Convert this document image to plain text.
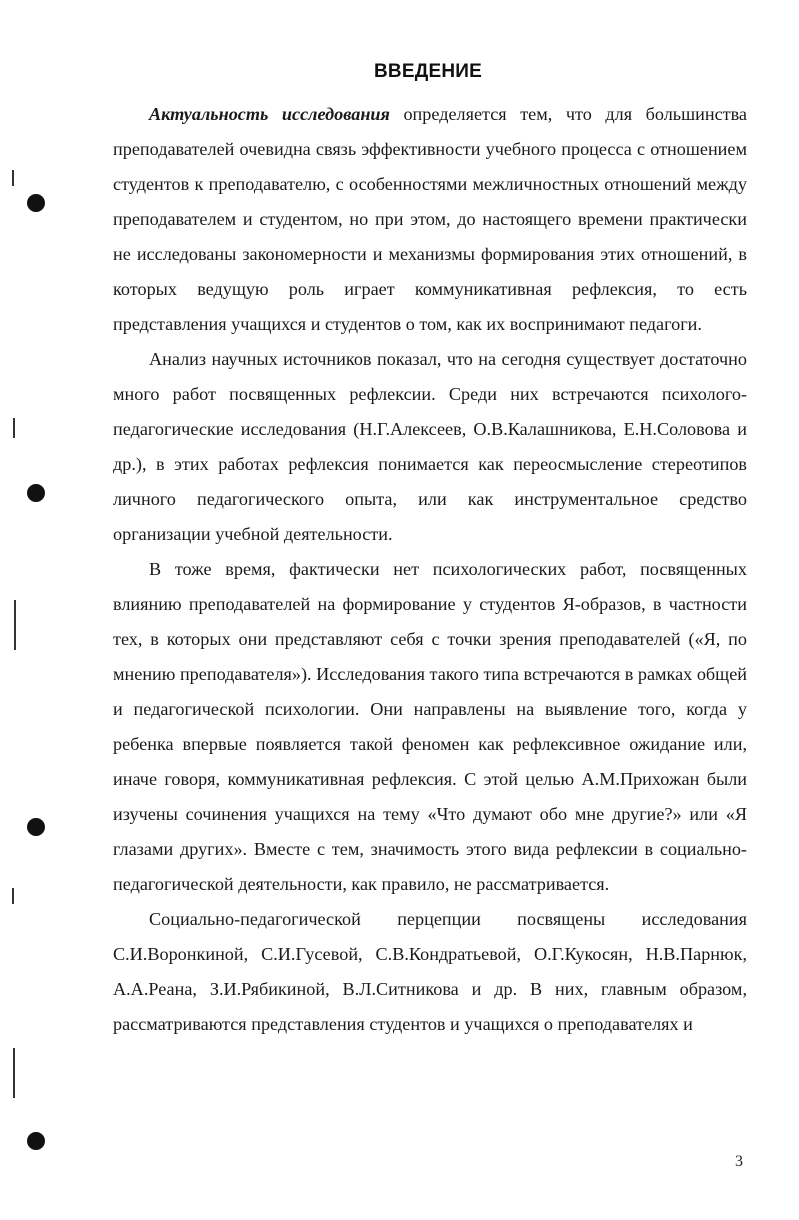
ВВЕДЕНИЕ

Актуальность исследования определяется тем, что для большинства преподавателей очевидна связь эффективности учебного процесса с отношением студентов к преподавателю, с особенностями межличностных отношений между преподавателем и студентом, но при этом, до настоящего времени практически не исследованы закономерности и механизмы формирования этих отношений, в которых ведущую роль играет коммуникативная рефлексия, то есть представления учащихся и студентов о том, как их воспринимают педагоги.

Анализ научных источников показал, что на сегодня существует достаточно много работ посвященных рефлексии. Среди них встречаются психолого-педагогические исследования (Н.Г.Алексеев, О.В.Калашникова, Е.Н.Соловова и др.), в этих работах рефлексия понимается как переосмысление стереотипов личного педагогического опыта, или как инструментальное средство организации учебной деятельности.

В тоже время, фактически нет психологических работ, посвященных влиянию преподавателей на формирование у студентов Я-образов, в частности тех, в которых они представляют себя с точки зрения преподавателей («Я, по мнению преподавателя»). Исследования такого типа встречаются в рамках общей и педагогической психологии. Они направлены на выявление того, когда у ребенка впервые появляется такой феномен как рефлексивное ожидание или, иначе говоря, коммуникативная рефлексия. С этой целью А.М.Прихожан были изучены сочинения учащихся на тему «Что думают обо мне другие?» или «Я глазами других». Вместе с тем, значимость этого вида рефлексии в социально-педагогической деятельности, как правило, не рассматривается.

Социально-педагогической перцепции посвящены исследования С.И.Воронкиной, С.И.Гусевой, С.В.Кондратьевой, О.Г.Кукосян, Н.В.Парнюк, А.А.Реана, З.И.Рябикиной, В.Л.Ситникова и др. В них, главным образом, рассматриваются представления студентов и учащихся о преподавателях и

3
